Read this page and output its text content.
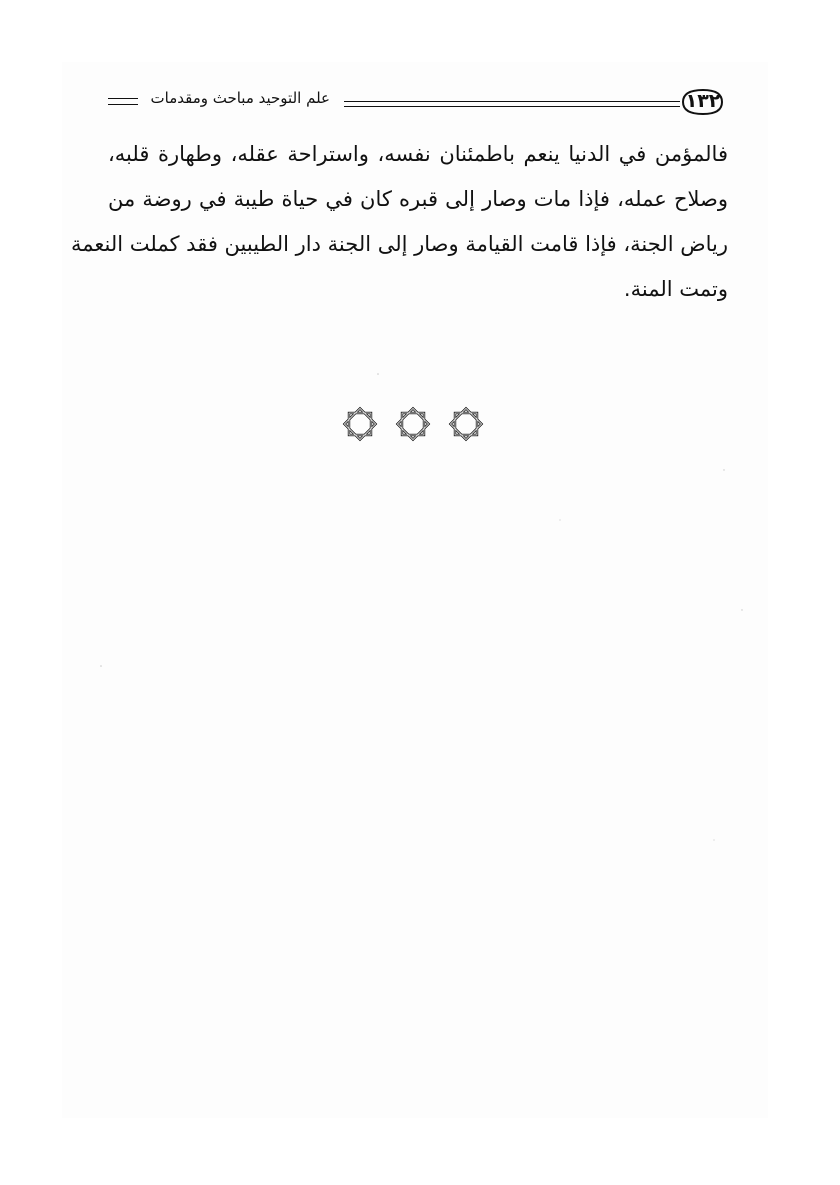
١٣٢
علم التوحيد مباحث ومقدمات
فالمؤمن في الدنيا ينعم باطمئنان نفسه، واستراحة عقله، وطهارة قلبه،
وصلاح عمله، فإذا مات وصار إلى قبره كان في حياة طيبة في روضة من
رياض الجنة، فإذا قامت القيامة وصار إلى الجنة دار الطيبين فقد كملت النعمة
وتمت المنة.
